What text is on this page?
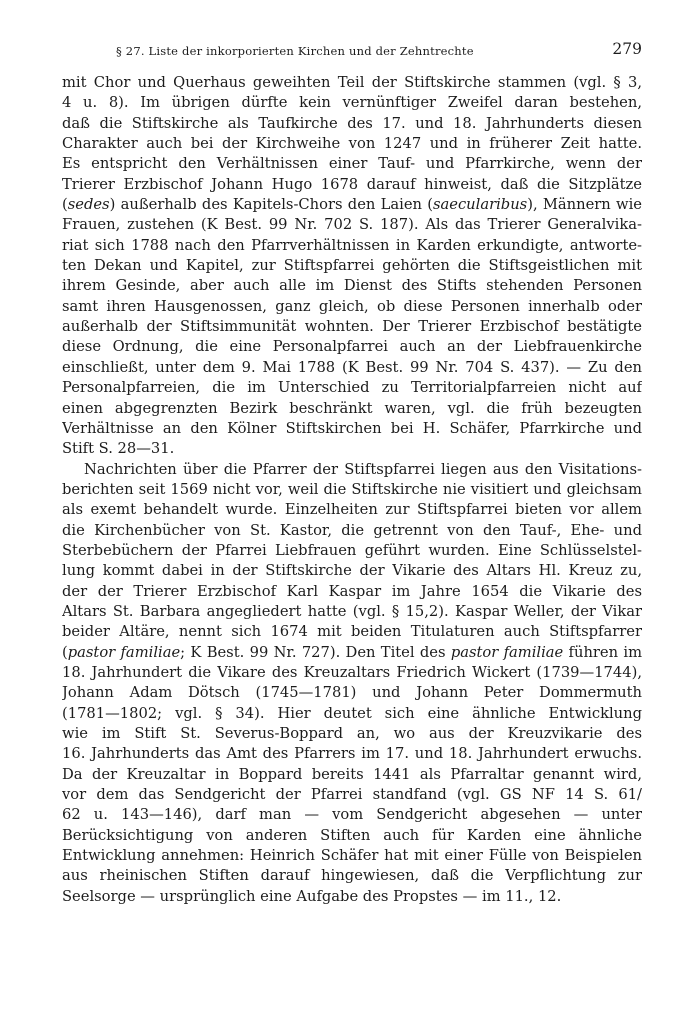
§ 27. Liste der inkorporierten Kirchen und der Zehntrechte	279
mit Chor und Querhaus geweihten Teil der Stiftskirche stammen (vgl. § 3,
4 u. 8). Im übrigen dürfte kein vernünftiger Zweifel daran bestehen,
daß die Stiftskirche als Taufkirche des 17. und 18. Jahrhunderts diesen
Charakter auch bei der Kirchweihe von 1247 und in früherer Zeit hatte.
Es entspricht den Verhältnissen einer Tauf- und Pfarrkirche, wenn der
Trierer Erzbischof Johann Hugo 1678 darauf hinweist, daß die Sitzplätze
(sedes) außerhalb des Kapitels-Chors den Laien (saecularibus), Männern wie
Frauen, zustehen (K Best. 99 Nr. 702 S. 187). Als das Trierer Generalvika-
riat sich 1788 nach den Pfarrverhältnissen in Karden erkundigte, antworte-
ten Dekan und Kapitel, zur Stiftspfarrei gehörten die Stiftsgeistlichen mit
ihrem Gesinde, aber auch alle im Dienst des Stifts stehenden Personen
samt ihren Hausgenossen, ganz gleich, ob diese Personen innerhalb oder
außerhalb der Stiftsimmunität wohnten. Der Trierer Erzbischof bestätigte
diese Ordnung, die eine Personalpfarrei auch an der Liebfrauenkirche
einschließt, unter dem 9. Mai 1788 (K Best. 99 Nr. 704 S. 437). — Zu den
Personalpfarreien, die im Unterschied zu Territorialpfarreien nicht auf
einen abgegrenzten Bezirk beschränkt waren, vgl. die früh bezeugten
Verhältnisse an den Kölner Stiftskirchen bei H. Schäfer, Pfarrkirche und
Stift S. 28—31.
Nachrichten über die Pfarrer der Stiftspfarrei liegen aus den Visitations-
berichten seit 1569 nicht vor, weil die Stiftskirche nie visitiert und gleichsam
als exemt behandelt wurde. Einzelheiten zur Stiftspfarrei bieten vor allem
die Kirchenbücher von St. Kastor, die getrennt von den Tauf-, Ehe- und
Sterbebüchern der Pfarrei Liebfrauen geführt wurden. Eine Schlüsselstel-
lung kommt dabei in der Stiftskirche der Vikarie des Altars Hl. Kreuz zu,
der der Trierer Erzbischof Karl Kaspar im Jahre 1654 die Vikarie des
Altars St. Barbara angegliedert hatte (vgl. § 15,2). Kaspar Weller, der Vikar
beider Altäre, nennt sich 1674 mit beiden Titulaturen auch Stiftspfarrer
(pastor familiae; K Best. 99 Nr. 727). Den Titel des pastor familiae führen im
18. Jahrhundert die Vikare des Kreuzaltars Friedrich Wickert (1739—1744),
Johann Adam Dötsch (1745—1781) und Johann Peter Dommermuth
(1781—1802; vgl. § 34). Hier deutet sich eine ähnliche Entwicklung
wie im Stift St. Severus-Boppard an, wo aus der Kreuzvikarie des
16. Jahrhunderts das Amt des Pfarrers im 17. und 18. Jahrhundert erwuchs.
Da der Kreuzaltar in Boppard bereits 1441 als Pfarraltar genannt wird,
vor dem das Sendgericht der Pfarrei standfand (vgl. GS NF 14 S. 61/
62 u. 143—146), darf man — vom Sendgericht abgesehen — unter
Berücksichtigung von anderen Stiften auch für Karden eine ähnliche
Entwicklung annehmen: Heinrich Schäfer hat mit einer Fülle von Beispielen
aus rheinischen Stiften darauf hingewiesen, daß die Verpflichtung zur
Seelsorge — ursprünglich eine Aufgabe des Propstes — im 11., 12.
